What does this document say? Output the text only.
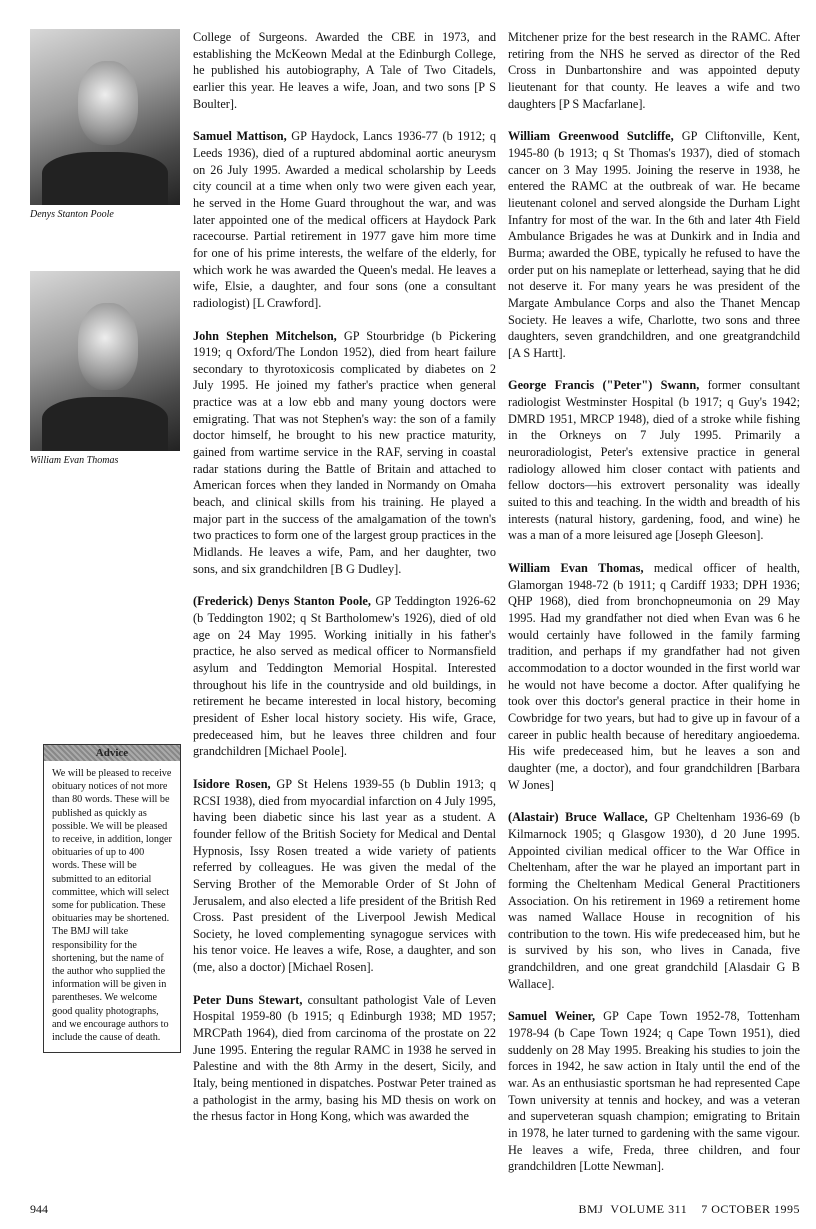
Denys Stanton Poole
William Evan Thomas
Advice
We will be pleased to receive obituary notices of not more than 80 words. These will be published as quickly as possible. We will be pleased to receive, in addition, longer obituaries of up to 400 words. These will be submitted to an editorial committee, which will select some for publication. These obituaries may be shortened. The BMJ will take responsibility for the shortening, but the name of the author who supplied the information will be given in parentheses. We welcome good quality photographs, and we encourage authors to include the cause of death.
College of Surgeons. Awarded the CBE in 1973, and establishing the McKeown Medal at the Edinburgh College, he published his autobiography, A Tale of Two Citadels, earlier this year. He leaves a wife, Joan, and two sons [P S Boulter].
Samuel Mattison, GP Haydock, Lancs 1936-77 (b 1912; q Leeds 1936), died of a ruptured abdominal aortic aneurysm on 26 July 1995. Awarded a medical scholarship by Leeds city council at a time when only two were given each year, he served in the Home Guard throughout the war, and was later appointed one of the medical officers at Haydock Park racecourse. Partial retirement in 1977 gave him more time for one of his prime interests, the welfare of the elderly, for which work he was awarded the Queen's medal. He leaves a wife, Elsie, a daughter, and four sons (one a consultant radiologist) [L Crawford].
John Stephen Mitchelson, GP Stourbridge (b Pickering 1919; q Oxford/The London 1952), died from heart failure secondary to thyrotoxicosis complicated by diabetes on 2 July 1995. He joined my father's practice when general practice was at a low ebb and many young doctors were emigrating. That was not Stephen's way: the son of a family doctor himself, he brought to his new practice maturity, gained from wartime service in the RAF, serving in coastal radar stations during the Battle of Britain and attached to American forces when they landed in Normandy on Omaha beach, and clinical skills from his training. He played a major part in the success of the amalgamation of the town's two practices to form one of the largest group practices in the Midlands. He leaves a wife, Pam, and her daughter, two sons, and six grandchildren [B G Dudley].
(Frederick) Denys Stanton Poole, GP Teddington 1926-62 (b Teddington 1902; q St Bartholomew's 1926), died of old age on 24 May 1995. Working initially in his father's practice, he also served as medical officer to Normansfield asylum and Teddington Memorial Hospital. Interested throughout his life in the countryside and old buildings, in retirement he became interested in local history, becoming president of Esher local history society. His wife, Grace, predeceased him, but he leaves three children and four grandchildren [Michael Poole].
Isidore Rosen, GP St Helens 1939-55 (b Dublin 1913; q RCSI 1938), died from myocardial infarction on 4 July 1995, having been diabetic since his last year as a student. A founder fellow of the British Society for Medical and Dental Hypnosis, Issy Rosen treated a wide variety of patients referred by colleagues. He was given the medal of the Serving Brother of the Memorable Order of St John of Jerusalem, and also elected a life president of the British Red Cross. Past president of the Liverpool Jewish Medical Society, he loved complementing synagogue services with his tenor voice. He leaves a wife, Rose, a daughter, and son (me, also a doctor) [Michael Rosen].
Peter Duns Stewart, consultant pathologist Vale of Leven Hospital 1959-80 (b 1915; q Edinburgh 1938; MD 1957; MRCPath 1964), died from carcinoma of the prostate on 22 June 1995. Entering the regular RAMC in 1938 he served in Palestine and with the 8th Army in the desert, Sicily, and Italy, being mentioned in dispatches. Postwar Peter trained as a pathologist in the army, basing his MD thesis on work on the rhesus factor in Hong Kong, which was awarded the
Mitchener prize for the best research in the RAMC. After retiring from the NHS he served as director of the Red Cross in Dunbartonshire and was appointed deputy lieutenant for that county. He leaves a wife and two daughters [P S Macfarlane].
William Greenwood Sutcliffe, GP Cliftonville, Kent, 1945-80 (b 1913; q St Thomas's 1937), died of stomach cancer on 3 May 1995. Joining the reserve in 1938, he entered the RAMC at the outbreak of war. He became lieutenant colonel and served alongside the Durham Light Infantry for most of the war. In the 6th and later 4th Field Ambulance Brigades he was at Dunkirk and in India and Burma; awarded the OBE, typically he refused to have the order put on his nameplate or letterhead, saying that he did not deserve it. For many years he was president of the Margate Ambulance Corps and also the Thanet Mencap Society. He leaves a wife, Charlotte, two sons and three daughters, seven grandchildren, and one greatgrandchild [A S Hartt].
George Francis ("Peter") Swann, former consultant radiologist Westminster Hospital (b 1917; q Guy's 1942; DMRD 1951, MRCP 1948), died of a stroke while fishing in the Orkneys on 7 July 1995. Primarily a neuroradiologist, Peter's extensive practice in general radiology allowed him closer contact with patients and fellow doctors—his extrovert personality was ideally suited to this and teaching. In the width and breadth of his interests (natural history, gardening, food, and wine) he was a man of a more leisured age [Joseph Gleeson].
William Evan Thomas, medical officer of health, Glamorgan 1948-72 (b 1911; q Cardiff 1933; DPH 1936; QHP 1968), died from bronchopneumonia on 29 May 1995. Had my grandfather not died when Evan was 6 he would certainly have followed in the family farming tradition, and perhaps if my grandfather had not given accommodation to a doctor wounded in the first world war he would not have become a doctor. After qualifying he took over this doctor's general practice in their home in Cowbridge for two years, but had to give up in favour of a career in public health because of hereditary angioedema. His wife predeceased him, but he leaves a son and daughter (me, a doctor), and four grandchildren [Barbara W Jones]
(Alastair) Bruce Wallace, GP Cheltenham 1936-69 (b Kilmarnock 1905; q Glasgow 1930), d 20 June 1995. Appointed civilian medical officer to the War Office in Cheltenham, after the war he played an important part in forming the Cheltenham Medical General Practitioners Association. On his retirement in 1969 a retirement home was named Wallace House in recognition of his contribution to the town. His wife predeceased him, but he is survived by his son, who lives in Canada, five grandchildren, and one great grandchild [Alasdair G B Wallace].
Samuel Weiner, GP Cape Town 1952-78, Tottenham 1978-94 (b Cape Town 1924; q Cape Town 1951), died suddenly on 28 May 1995. Breaking his studies to join the forces in 1942, he saw action in Italy until the end of the war. As an enthusiastic sportsman he had represented Cape Town university at tennis and hockey, and was a veteran and superveteran squash champion; emigrating to Britain in 1978, he later turned to gardening with the same vigour. He leaves a wife, Freda, three children, and four grandchildren [Lotte Newman].
944	BMJ VOLUME 311 7 OCTOBER 1995
